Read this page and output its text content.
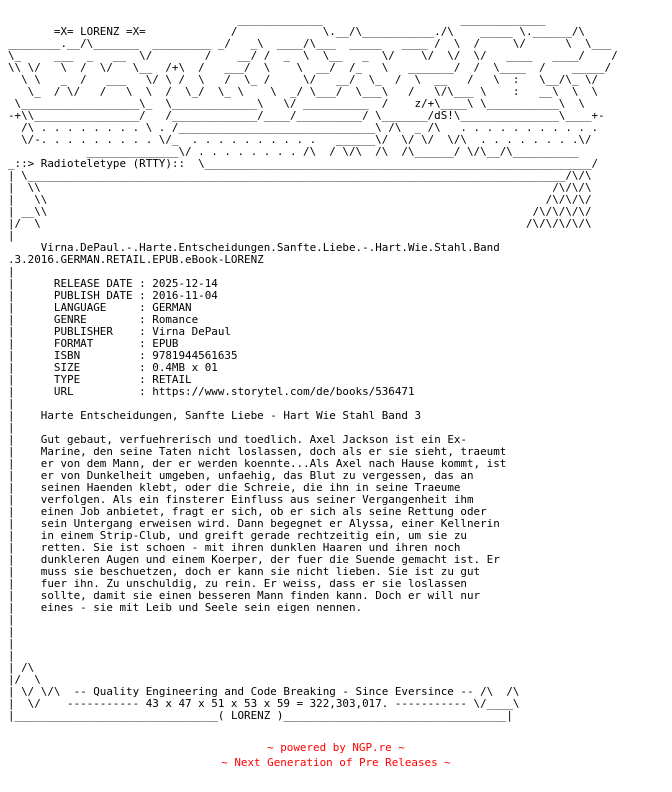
_____________                     _____________
=X= LORENZ =X=             /             \.__/\___________./\    _____ \.______/\
________.__/\_______  _________ _/   _\  ____/\___  _____   ____ /  \  /     \/      \  \___
\_     ___  _   __  \/        /    __/ /  _  \  \__   _  \/    \/  \/  \/   ____   ____/    /
\\ \/   \  /  \/   \__  /+\  /   ___/  \    \  __/  /_   \   _______/  /  \____  /    _____/
\ \   _  /   ___   \/ \ /  \   /  \_ /     \/   __/  \_  /  \  __   /   \  :   \__/\_ \/
\_  / \/   /   \  \  /  \_/  \_ \    \  _/ \___/  \___\   /   \/\___ \    :   __\  \  \
\__________________\_  \_____________\   \/ __________  /    z/+\____\ \___________\  \
-+\\________________/   /_____________/____/__________/ \_______/dS!\_______________\____+-
/\ . . . . . . . . \ . /______________________________\ /\  _ /\   . . . . . . . . . . .
\/-. . . . . . . . . \/_  . . . . . . . . . .   ______\/  \/ \/  \/\  . . . . . . . .\/
______________\/ . . . . . . . . /\  / \/\  /\  /\______/ \/\__/\__________
_::> Radioteletype (RTTY)::  \___________________________________________________________/
| \__________________________________________________________________________________/\/\
|  \\                                                                              /\/\/\
|   \\                                                                            /\/\/\/
| __\\                                                                          /\/\/\/\/
|/  \                                                                          /\/\/\/\/\
|
Virna.DePaul.-.Harte.Entscheidungen.Sanfte.Liebe.-.Hart.Wie.Stahl.Band
.3.2016.GERMAN.RETAIL.EPUB.eBook-LORENZ
|
|      RELEASE DATE : 2025-12-14
|      PUBLISH DATE : 2016-11-04
|      LANGUAGE     : GERMAN
|      GENRE        : Romance
|      PUBLISHER    : Virna DePaul
|      FORMAT       : EPUB
|      ISBN         : 9781944561635
|      SIZE         : 0.4MB x 01
|      TYPE         : RETAIL
|      URL          : https://www.storytel.com/de/books/536471
|
|    Harte Entscheidungen, Sanfte Liebe - Hart Wie Stahl Band 3
|
|    Gut gebaut, verfuehrerisch und toedlich. Axel Jackson ist ein Ex-
|    Marine, den seine Taten nicht loslassen, doch als er sie sieht, traeumt
|    er von dem Mann, der er werden koennte...Als Axel nach Hause kommt, ist
|    er von Dunkelheit umgeben, unfaehig, das Blut zu vergessen, das an
|    seinen Haenden klebt, oder die Schreie, die ihn in seine Traeume
|    verfolgen. Als ein finsterer Einfluss aus seiner Vergangenheit ihm
|    einen Job anbietet, fragt er sich, ob er sich als seine Rettung oder
|    sein Untergang erweisen wird. Dann begegnet er Alyssa, einer Kellnerin
|    in einem Strip-Club, und greift gerade rechtzeitig ein, um sie zu
|    retten. Sie ist schoen - mit ihren dunklen Haaren und ihren noch
|    dunkleren Augen und einem Koerper, der fuer die Suende gemacht ist. Er
|    muss sie beschuetzen, doch er kann sie nicht lieben. Sie ist zu gut
|    fuer ihn. Zu unschuldig, zu rein. Er weiss, dass er sie loslassen
|    sollte, damit sie einen besseren Mann finden kann. Doch er will nur
|    eines - sie mit Leib und Seele sein eigen nennen.
|
|
|
|
| /\
|/  \
| \/ \/\  -- Quality Engineering and Code Breaking - Since Eversince -- /\  /\
|  \/    ----------- 43 x 47 x 51 x 53 x 59 = 322,303,017. ----------- \/____\
|_______________________________( LORENZ )__________________________________|
~ powered by NGP.re ~
~ Next Generation of Pre Releases ~
